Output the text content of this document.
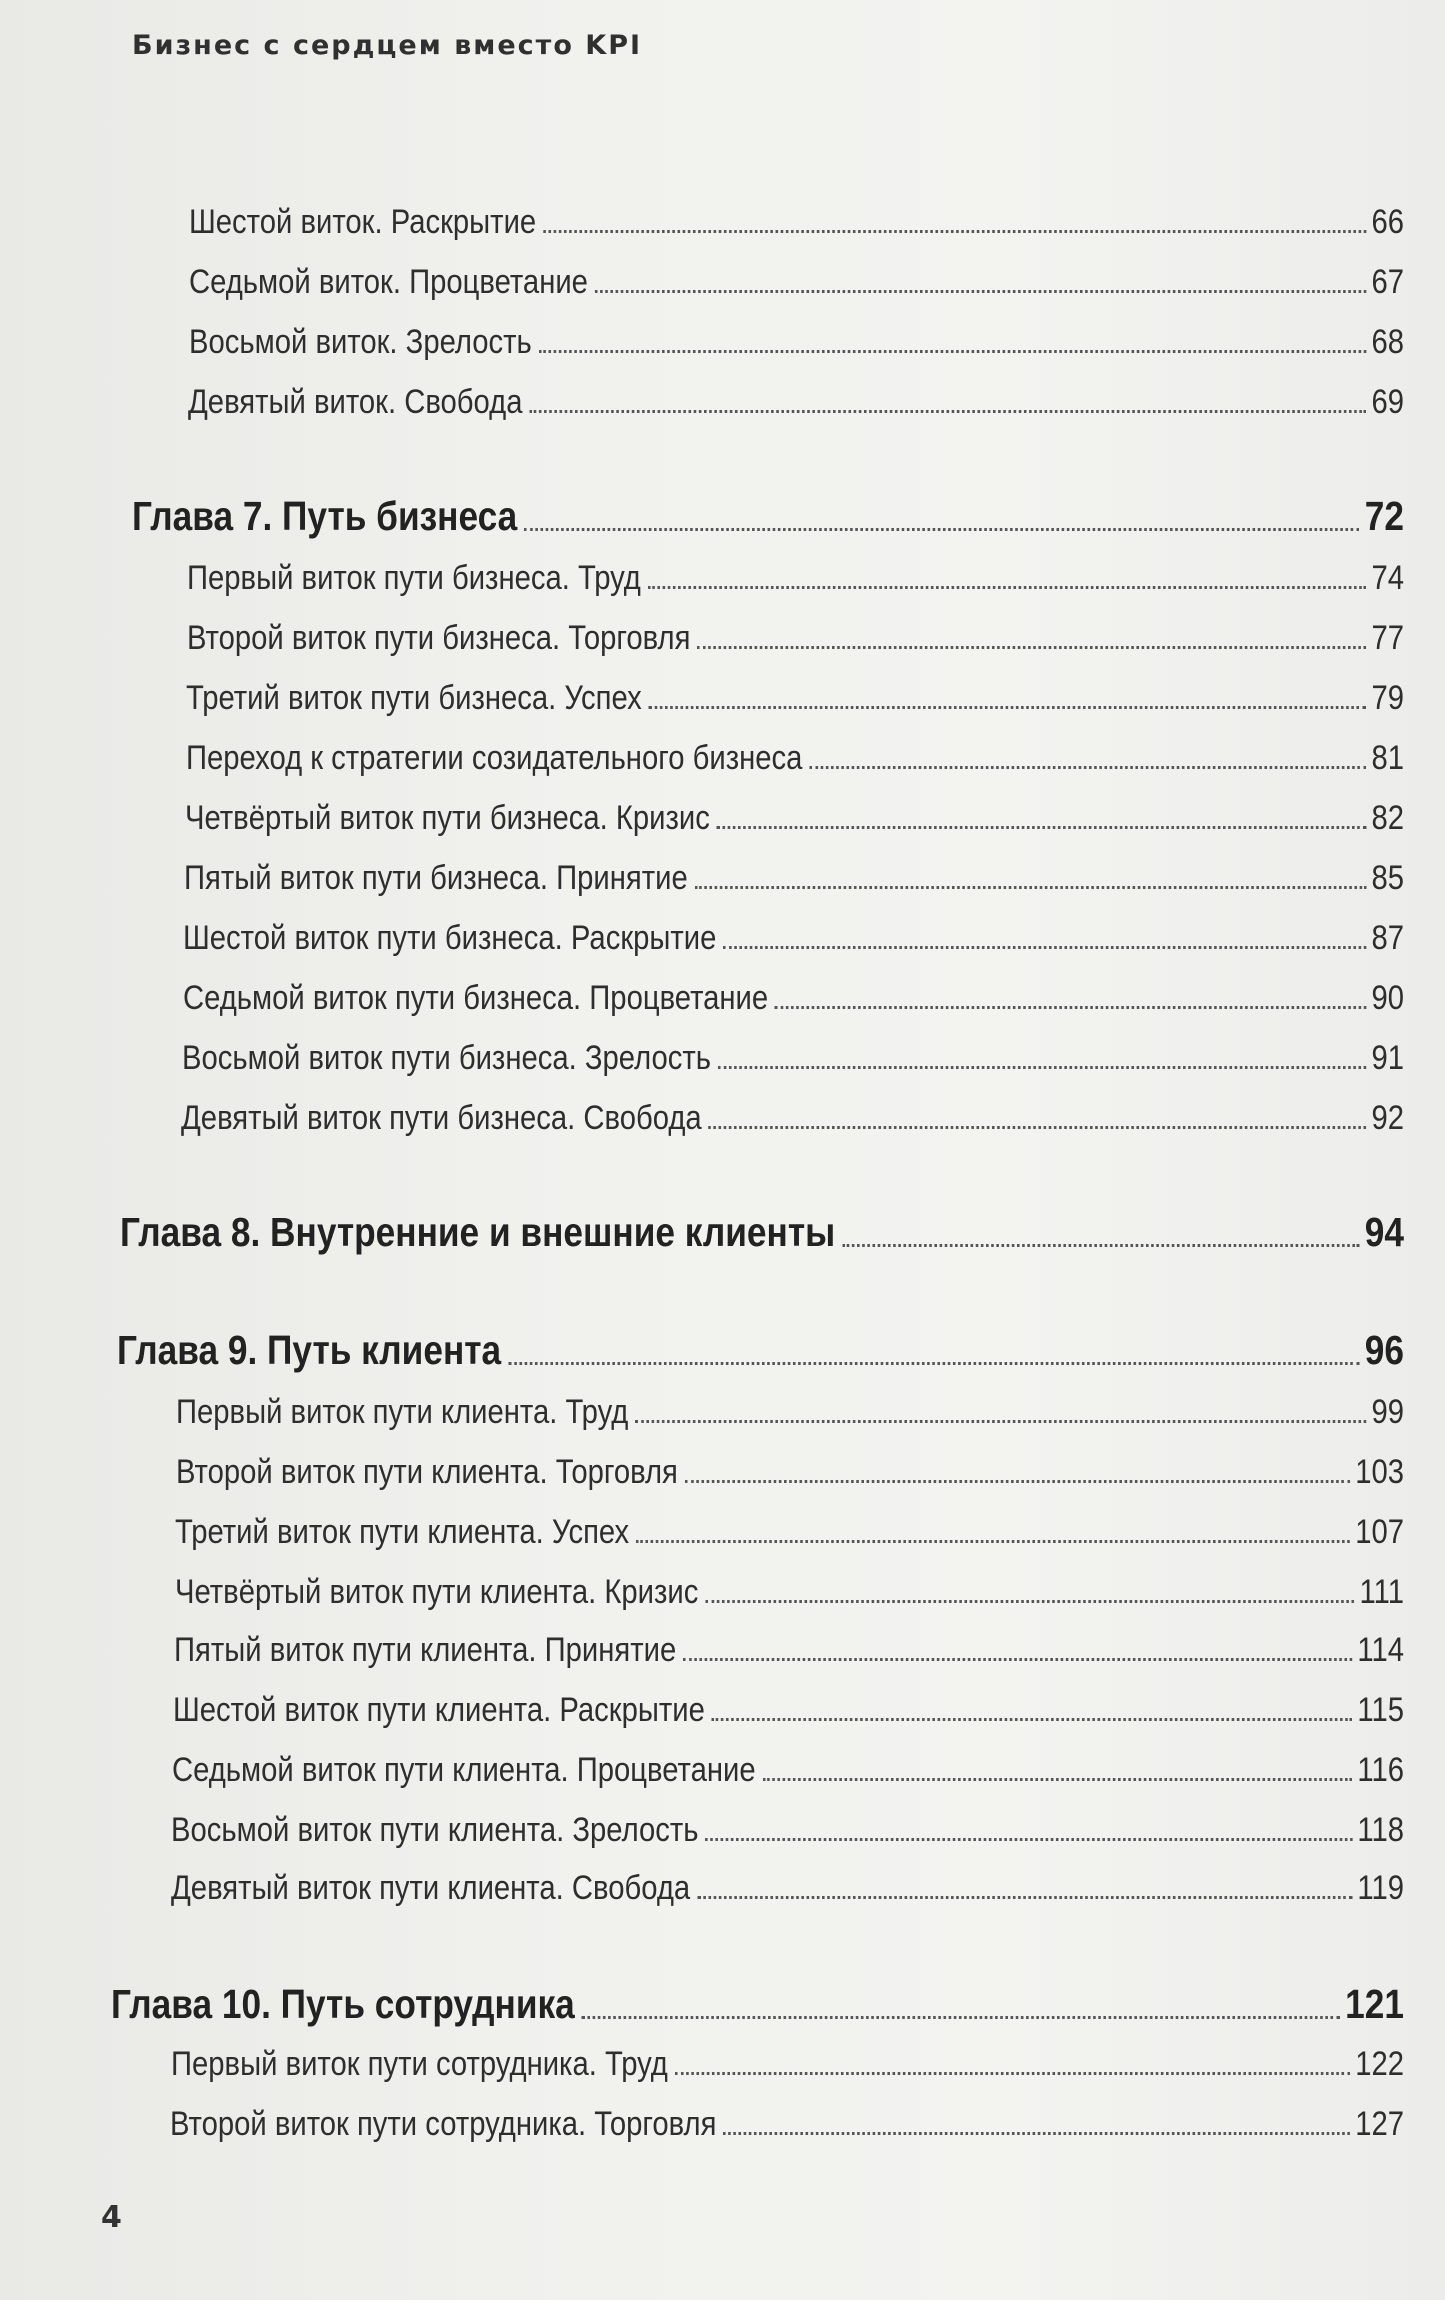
Бизнес с сердцем вместо KPI
Шестой виток. Раскрытие	66
Седьмой виток. Процветание	67
Восьмой виток. Зрелость	68
Девятый виток. Свобода	69
Глава 7. Путь бизнеса	72
Первый виток пути бизнеса. Труд	74
Второй виток пути бизнеса. Торговля	77
Третий виток пути бизнеса. Успех	79
Переход к стратегии созидательного бизнеса	81
Четвёртый виток пути бизнеса. Кризис	82
Пятый виток пути бизнеса. Принятие	85
Шестой виток пути бизнеса. Раскрытие	87
Седьмой виток пути бизнеса. Процветание	90
Восьмой виток пути бизнеса. Зрелость	91
Девятый виток пути бизнеса. Свобода	92
Глава 8. Внутренние и внешние клиенты	94
Глава 9. Путь клиента	96
Первый виток пути клиента. Труд	99
Второй виток пути клиента. Торговля	103
Третий виток пути клиента. Успех	107
Четвёртый виток пути клиента. Кризис	111
Пятый виток пути клиента. Принятие	114
Шестой виток пути клиента. Раскрытие	115
Седьмой виток пути клиента. Процветание	116
Восьмой виток пути клиента. Зрелость	118
Девятый виток пути клиента. Свобода	119
Глава 10. Путь сотрудника	121
Первый виток пути сотрудника. Труд	122
Второй виток пути сотрудника. Торговля	127
4
